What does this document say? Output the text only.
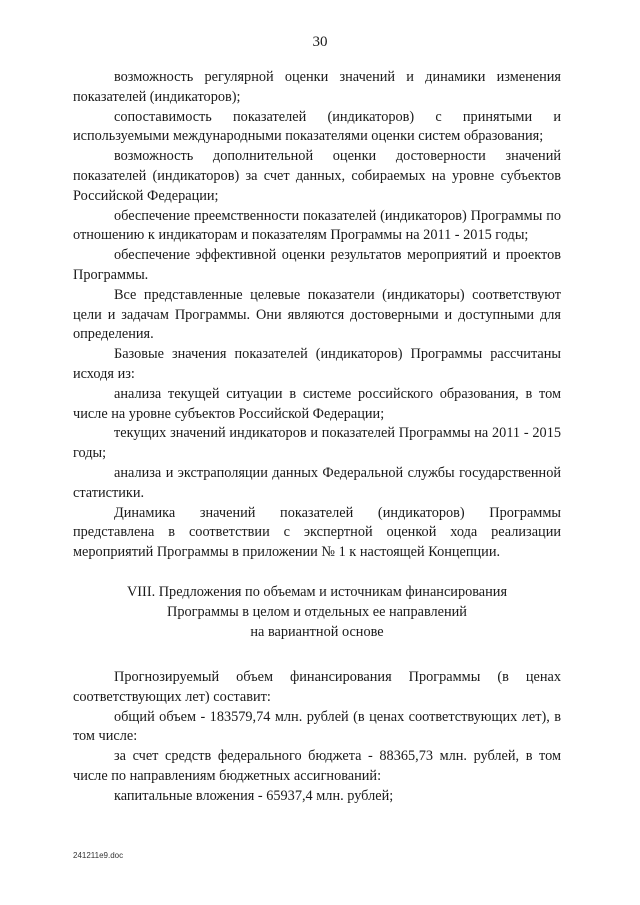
30

возможность регулярной оценки значений и динамики изменения показателей (индикаторов);

сопоставимость показателей (индикаторов) с принятыми и используемыми международными показателями оценки систем образования;

возможность дополнительной оценки достоверности значений показателей (индикаторов) за счет данных, собираемых на уровне субъектов Российской Федерации;

обеспечение преемственности показателей (индикаторов) Программы по отношению к индикаторам и показателям Программы на 2011 - 2015 годы;

обеспечение эффективной оценки результатов мероприятий и проектов Программы.

Все представленные целевые показатели (индикаторы) соответствуют цели и задачам Программы. Они являются достоверными и доступными для определения.

Базовые значения показателей (индикаторов) Программы рассчитаны исходя из:

анализа текущей ситуации в системе российского образования, в том числе на уровне субъектов Российской Федерации;

текущих значений индикаторов и показателей Программы на 2011 - 2015 годы;

анализа и экстраполяции данных Федеральной службы государственной статистики.

Динамика значений показателей (индикаторов) Программы представлена в соответствии с экспертной оценкой хода реализации мероприятий Программы в приложении № 1 к настоящей Концепции.

VIII. Предложения по объемам и источникам финансирования
Программы в целом и отдельных ее направлений
на вариантной основе

Прогнозируемый объем финансирования Программы (в ценах соответствующих лет) составит:

общий объем - 183579,74 млн. рублей (в ценах соответствующих лет), в том числе:

за счет средств федерального бюджета - 88365,73 млн. рублей, в том числе по направлениям бюджетных ассигнований:

капитальные вложения - 65937,4 млн. рублей;

241211e9.doc
